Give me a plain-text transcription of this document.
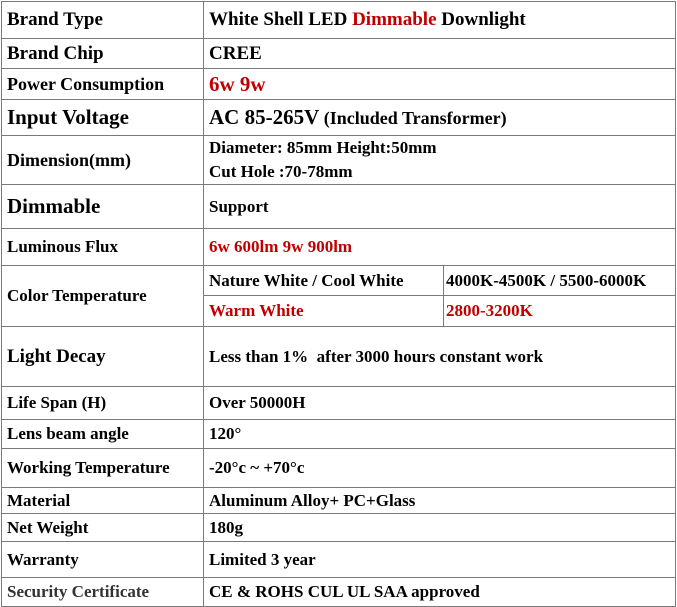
Brand Type	White Shell LED Dimmable Downlight	
Brand Chip	CREE	
Power Consumption	6w 9w	
Input Voltage	AC 85-265V (Included Transformer)	
Dimension(mm)	Diameter: 85mm Height:50mm
Cut Hole :70-78mm	

Dimmable	Support	
Luminous Flux	6w 600lm 9w 900lm	
Color Temperature	Nature White / Cool White	4000K-4500K / 5500-6000K
	Warm White	2800-3200K
Light Decay	Less than 1%  after 3000 hours constant work	
Life Span (H)	Over 50000H	
Lens beam angle	120°	
Working Temperature	-20°c ~ +70°c	
Material	Aluminum Alloy+ PC+Glass	
Net Weight	180g	
Warranty	Limited 3 year	
Security Certificate	CE & ROHS CUL UL SAA approved	
